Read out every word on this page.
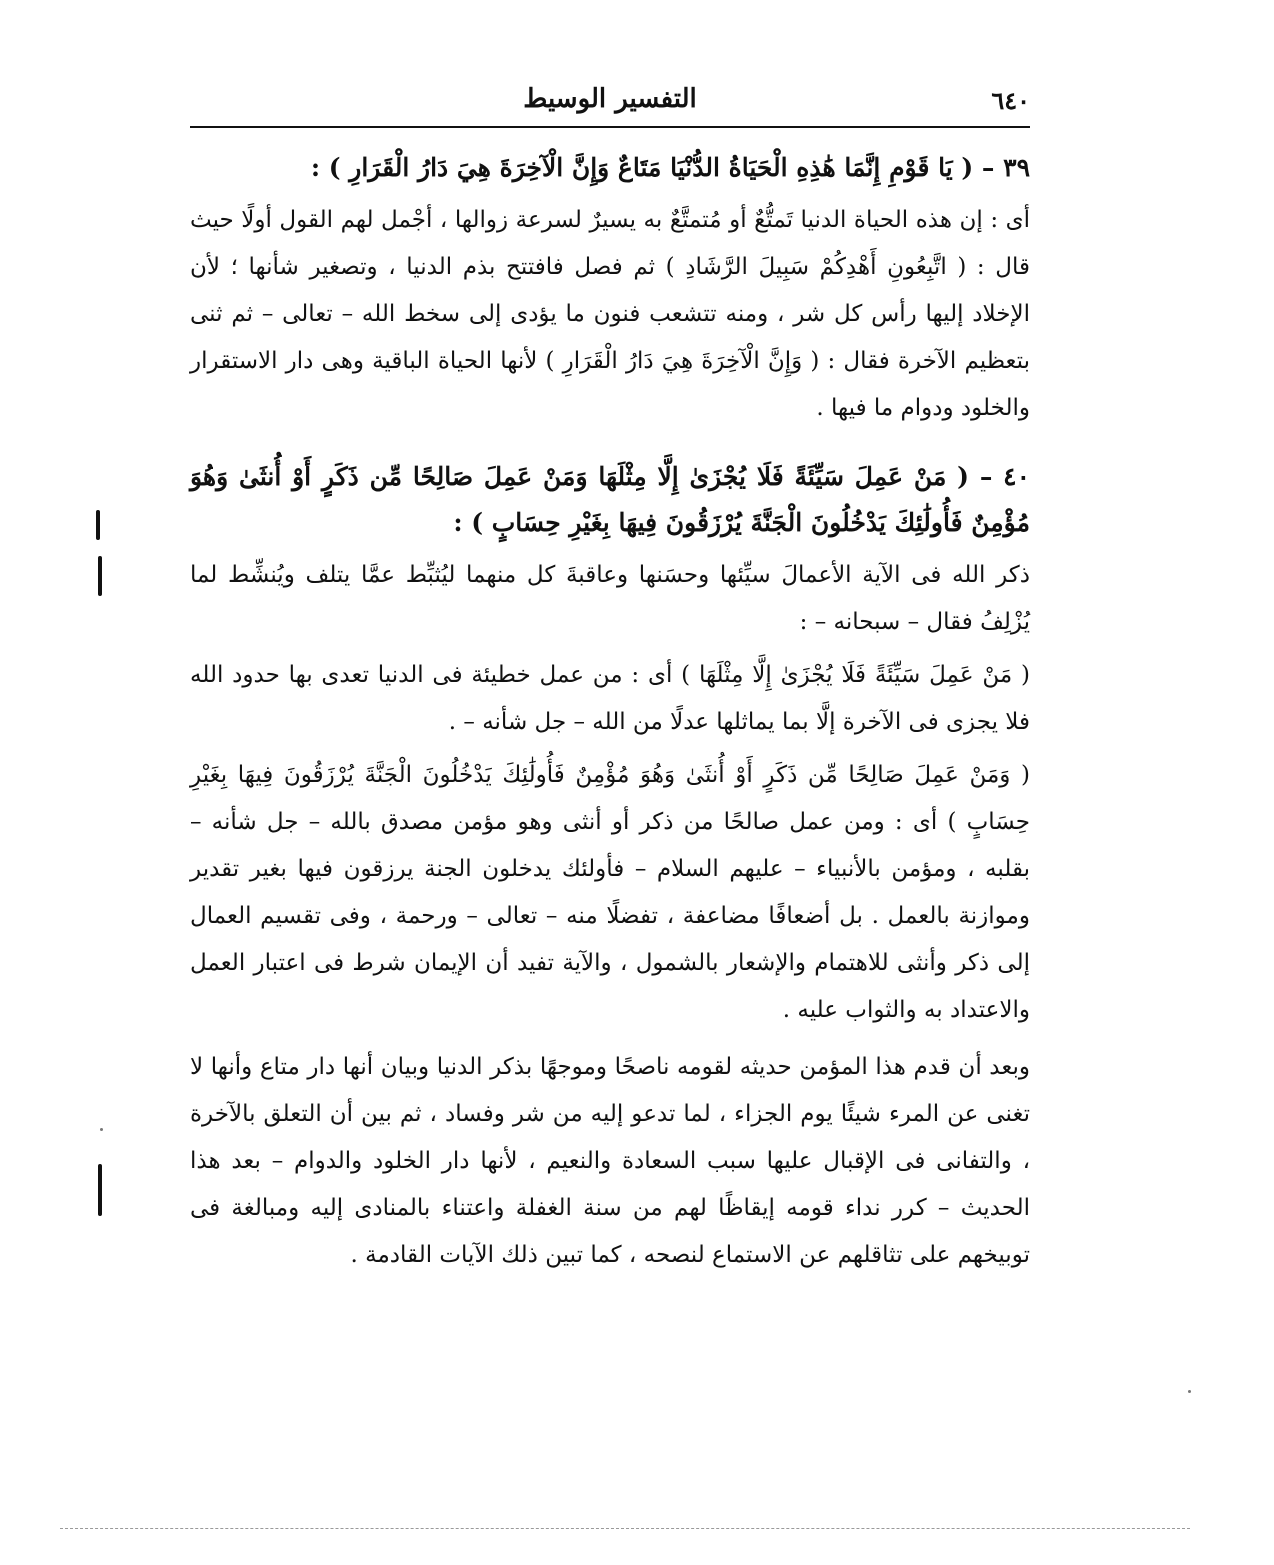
٦٤٠
التفسير الوسيط

٣٩ – ( يَا قَوْمِ إِنَّمَا هَٰذِهِ الْحَيَاةُ الدُّنْيَا مَتَاعٌ وَإِنَّ الْآخِرَةَ هِيَ دَارُ الْقَرَارِ ) :

أى : إن هذه الحياة الدنيا تَمتُّعٌ أو مُتمتَّعٌ به يسيرٌ لسرعة زوالها ، أجْمل لهم القول أولًا حيث قال : ( اتَّبِعُونِ أَهْدِكُمْ سَبِيلَ الرَّشَادِ ) ثم فصل فافتتح بذم الدنيا ، وتصغير شأنها ؛ لأن الإخلاد إليها رأس كل شر ، ومنه تتشعب فنون ما يؤدى إلى سخط الله – تعالى – ثم ثنى بتعظيم الآخرة فقال : ( وَإِنَّ الْآخِرَةَ هِيَ دَارُ الْقَرَارِ ) لأنها الحياة الباقية وهى دار الاستقرار والخلود ودوام ما فيها .

٤٠ – ( مَنْ عَمِلَ سَيِّئَةً فَلَا يُجْزَىٰ إِلَّا مِثْلَهَا وَمَنْ عَمِلَ صَالِحًا مِّن ذَكَرٍ أَوْ أُنثَىٰ وَهُوَ مُؤْمِنٌ فَأُولَٰئِكَ يَدْخُلُونَ الْجَنَّةَ يُرْزَقُونَ فِيهَا بِغَيْرِ حِسَابٍ ) :

ذكر الله فى الآية الأعمالَ سيِّئها وحسَنها وعاقبةَ كل منهما ليُثبِّط عمَّا يتلف ويُنشِّط لما يُزْلِفُ فقال – سبحانه – :

( مَنْ عَمِلَ سَيِّئَةً فَلَا يُجْزَىٰ إِلَّا مِثْلَهَا ) أى : من عمل خطيئة فى الدنيا تعدى بها حدود الله فلا يجزى فى الآخرة إلَّا بما يماثلها عدلًا من الله – جل شأنه – .

( وَمَنْ عَمِلَ صَالِحًا مِّن ذَكَرٍ أَوْ أُنثَىٰ وَهُوَ مُؤْمِنٌ فَأُولَٰئِكَ يَدْخُلُونَ الْجَنَّةَ يُرْزَقُونَ فِيهَا بِغَيْرِ حِسَابٍ ) أى : ومن عمل صالحًا من ذكر أو أنثى وهو مؤمن مصدق بالله – جل شأنه – بقلبه ، ومؤمن بالأنبياء – عليهم السلام – فأولئك يدخلون الجنة يرزقون فيها بغير تقدير وموازنة بالعمل . بل أضعافًا مضاعفة ، تفضلًا منه – تعالى – ورحمة ، وفى تقسيم العمال إلى ذكر وأنثى للاهتمام والإشعار بالشمول ، والآية تفيد أن الإيمان شرط فى اعتبار العمل والاعتداد به والثواب عليه .

وبعد أن قدم هذا المؤمن حديثه لقومه ناصحًا وموجهًا بذكر الدنيا وبيان أنها دار متاع وأنها لا تغنى عن المرء شيئًا يوم الجزاء ، لما تدعو إليه من شر وفساد ، ثم بين أن التعلق بالآخرة ، والتفانى فى الإقبال عليها سبب السعادة والنعيم ، لأنها دار الخلود والدوام – بعد هذا الحديث – كرر نداء قومه إيقاظًا لهم من سنة الغفلة واعتناء بالمنادى إليه ومبالغة فى توبيخهم على تثاقلهم عن الاستماع لنصحه ، كما تبين ذلك الآيات القادمة .
